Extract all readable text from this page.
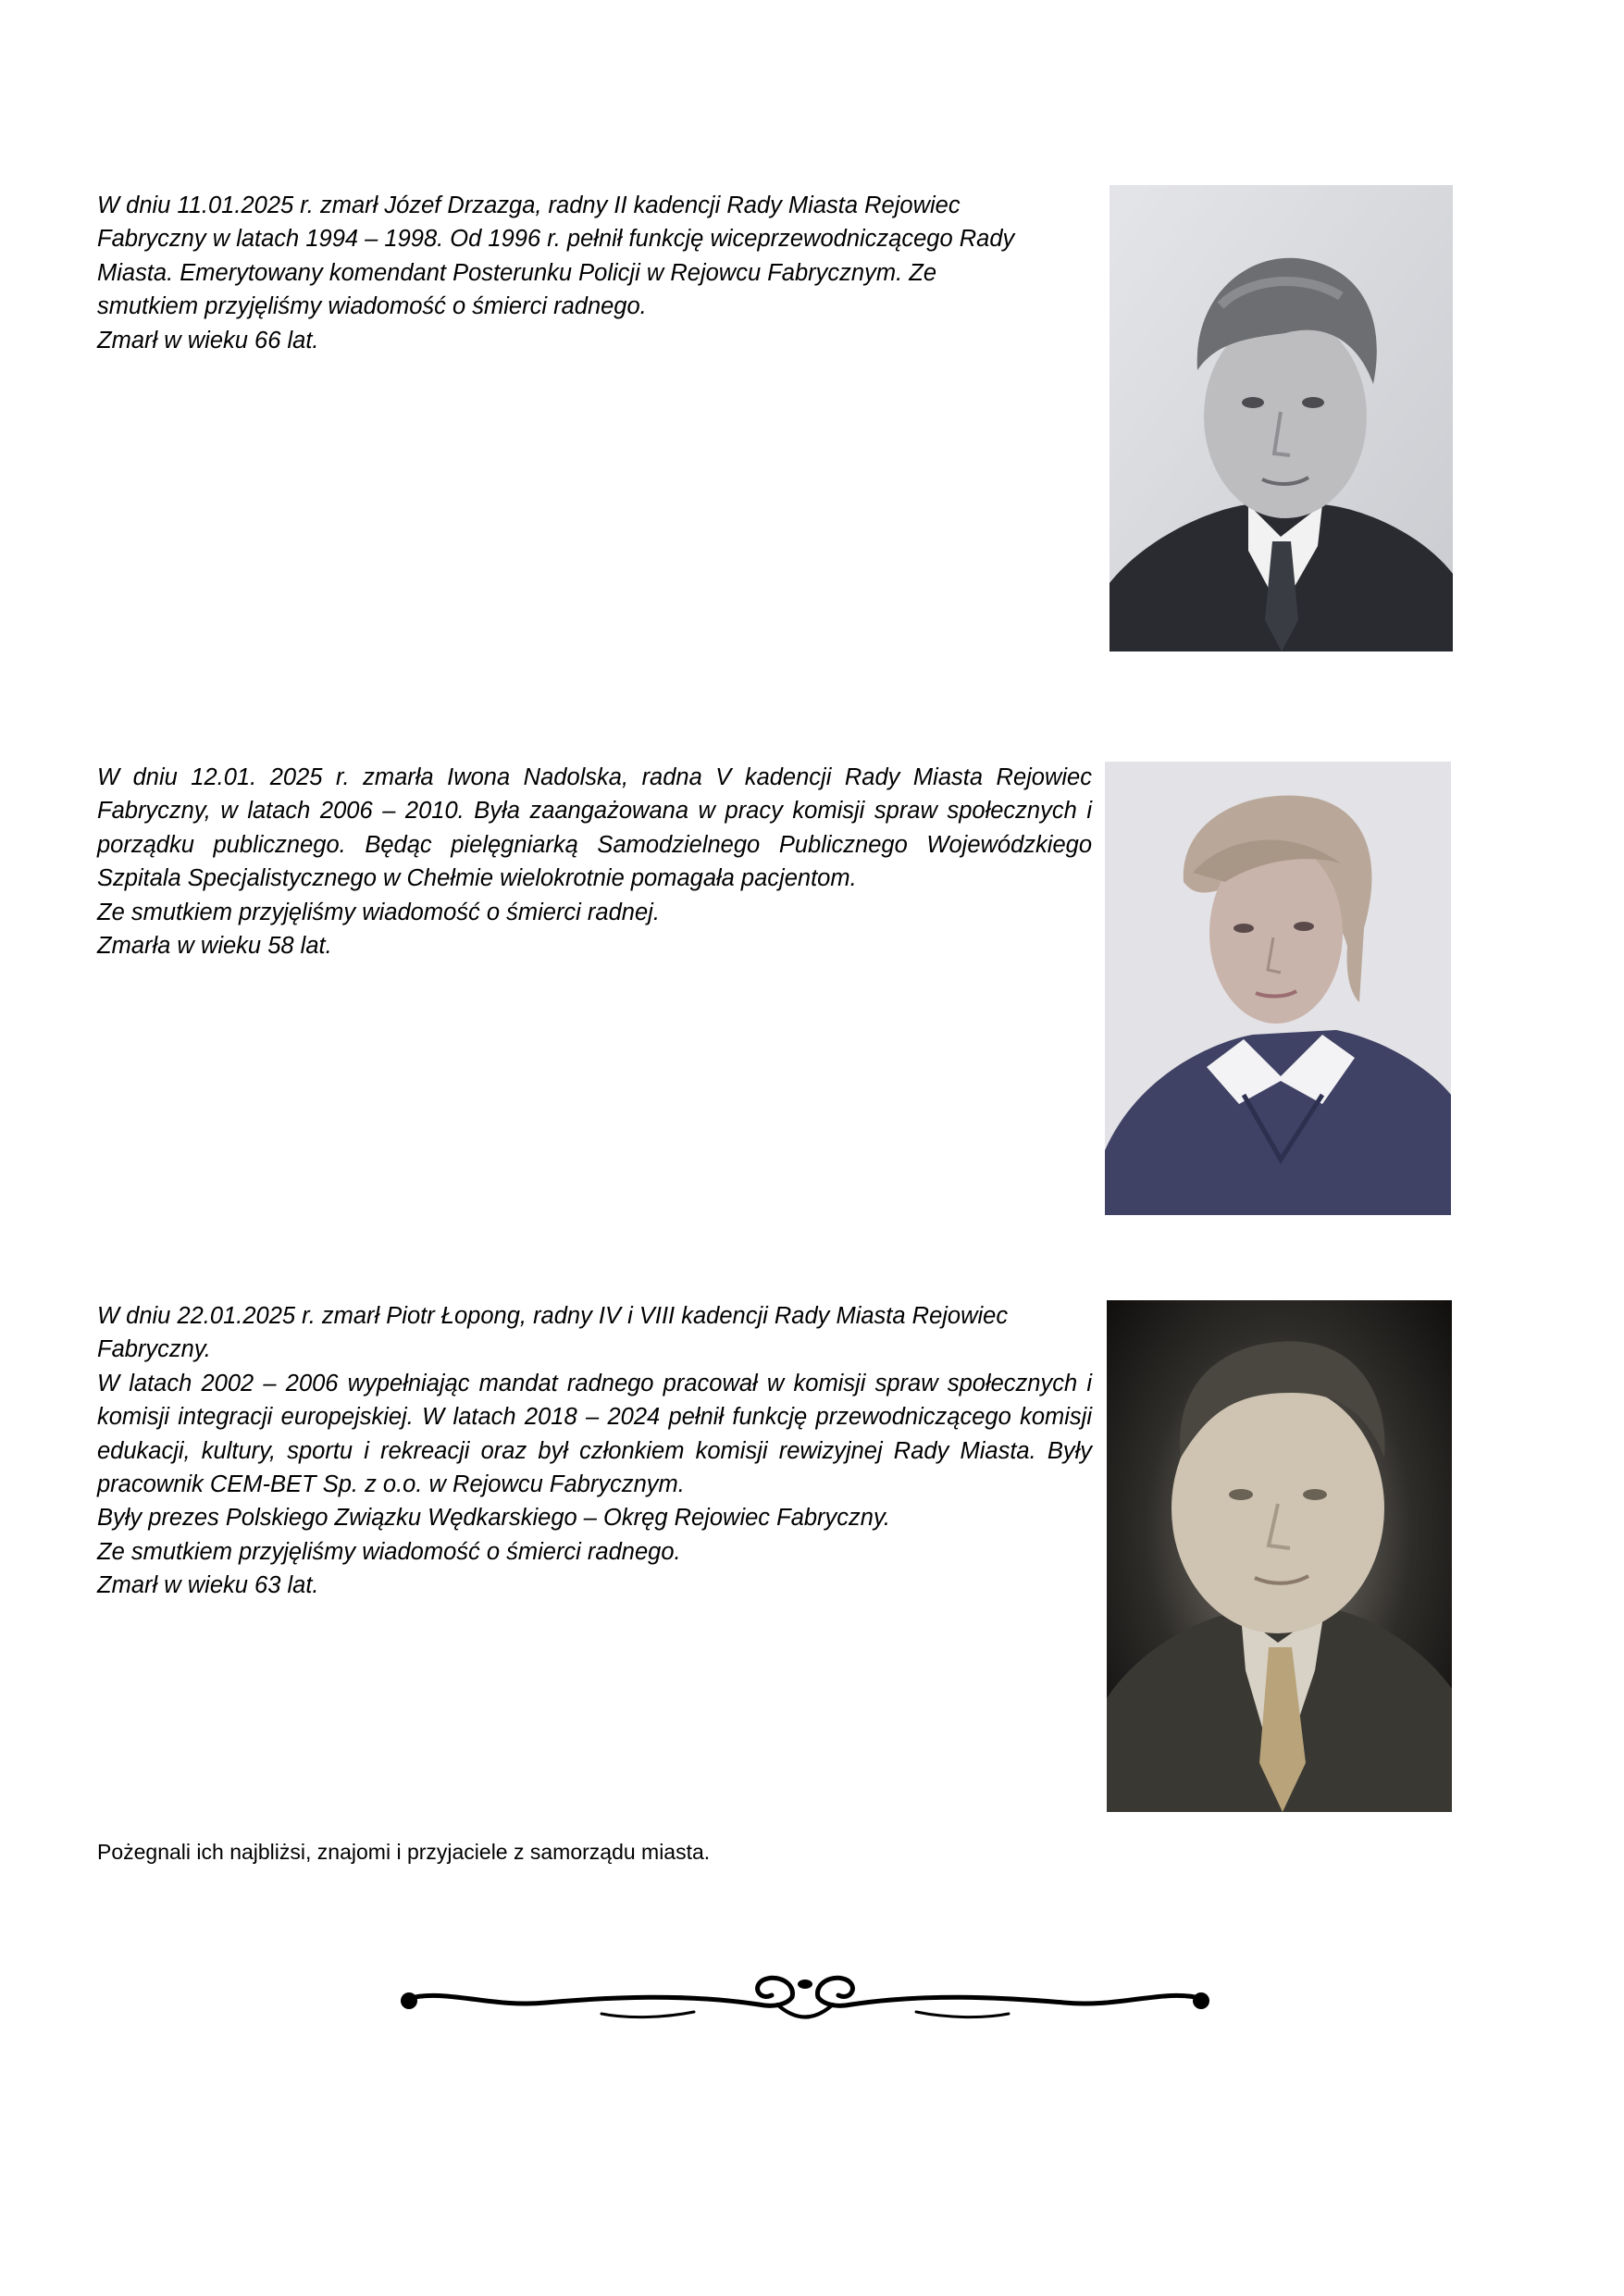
W dniu 11.01.2025 r. zmarł Józef Drzazga, radny II kadencji Rady Miasta Rejowiec

Fabryczny w latach 1994 – 1998. Od 1996 r. pełnił funkcję wiceprzewodniczącego Rady

Miasta. Emerytowany komendant Posterunku Policji w Rejowcu Fabrycznym. Ze

smutkiem przyjęliśmy wiadomość o śmierci radnego.

Zmarł w wieku 66 lat.

W dniu 12.01. 2025 r. zmarła Iwona Nadolska, radna V kadencji Rady Miasta Rejowiec Fabryczny, w latach 2006 – 2010. Była zaangażowana w pracy komisji spraw społecznych i porządku publicznego. Będąc pielęgniarką Samodzielnego Publicznego Wojewódzkiego Szpitala Specjalistycznego w Chełmie wielokrotnie pomagała pacjentom.

Ze smutkiem przyjęliśmy wiadomość o śmierci radnej.

Zmarła w wieku 58 lat.

W dniu 22.01.2025 r. zmarł Piotr Łopong, radny IV i VIII kadencji Rady Miasta Rejowiec Fabryczny.

W latach 2002 – 2006 wypełniając mandat radnego pracował w komisji spraw społecznych i komisji integracji europejskiej. W latach 2018 – 2024 pełnił funkcję przewodniczącego komisji edukacji, kultury, sportu i rekreacji oraz był członkiem komisji rewizyjnej Rady Miasta. Były pracownik CEM-BET Sp. z o.o. w Rejowcu Fabrycznym.

Były prezes Polskiego Związku Wędkarskiego – Okręg Rejowiec Fabryczny.

Ze smutkiem przyjęliśmy wiadomość o śmierci radnego.

Zmarł w wieku 63 lat.

Pożegnali ich najbliżsi, znajomi i przyjaciele z samorządu miasta.
